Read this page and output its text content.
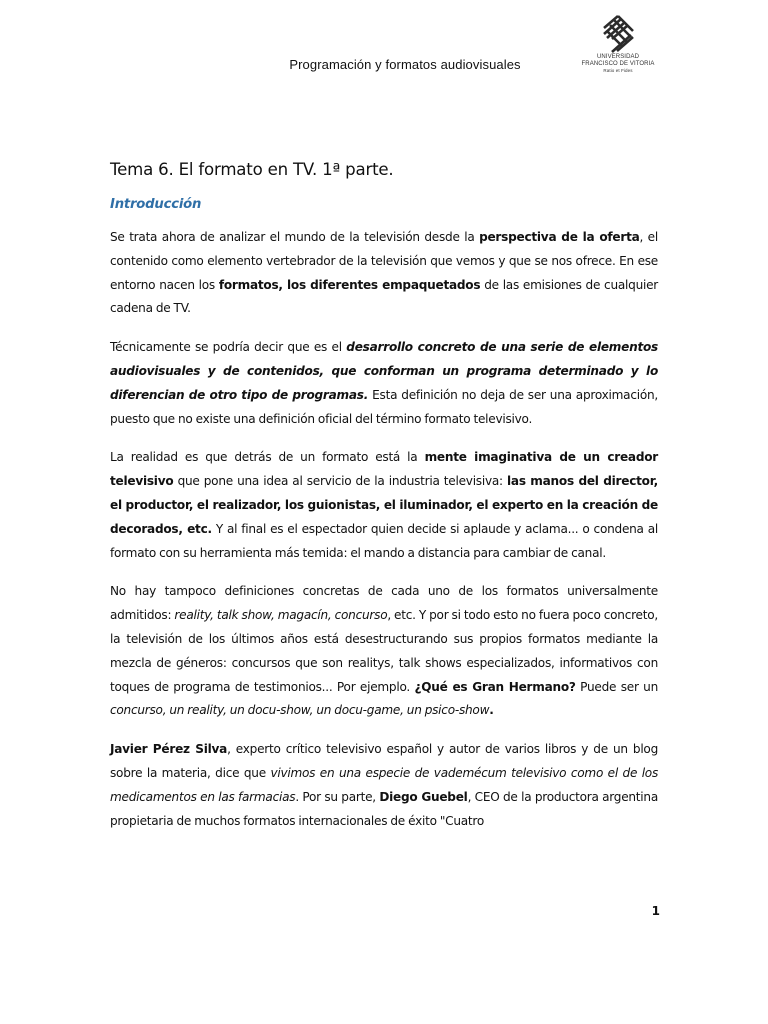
Programación y formatos audiovisuales	UNIVERSIDAD
FRANCISCO DE VITORIA
Ratio et Fides
Tema 6. El formato en TV. 1ª parte.
Introducción

Se trata ahora de analizar el mundo de la televisión desde la perspectiva de la oferta, el contenido como elemento vertebrador de la televisión que vemos y que se nos ofrece. En ese entorno nacen los formatos, los diferentes empaquetados de las emisiones de cualquier cadena de TV.

Técnicamente se podría decir que es el desarrollo concreto de una serie de elementos audiovisuales y de contenidos, que conforman un programa determinado y lo diferencian de otro tipo de programas. Esta definición no deja de ser una aproximación, puesto que no existe una definición oficial del término formato televisivo.

La realidad es que detrás de un formato está la mente imaginativa de un creador televisivo que pone una idea al servicio de la industria televisiva: las manos del director, el productor, el realizador, los guionistas, el iluminador, el experto en la creación de decorados, etc. Y al final es el espectador quien decide si aplaude y aclama... o condena al formato con su herramienta más temida: el mando a distancia para cambiar de canal.

No hay tampoco definiciones concretas de cada uno de los formatos universalmente admitidos: reality, talk show, magacín, concurso, etc. Y por si todo esto no fuera poco concreto, la televisión de los últimos años está desestructurando sus propios formatos mediante la mezcla de géneros: concursos que son realitys, talk shows especializados, informativos con toques de programa de testimonios... Por ejemplo. ¿Qué es Gran Hermano? Puede ser un concurso, un reality, un docu-show, un docu-game, un psico-show.

Javier Pérez Silva, experto crítico televisivo español y autor de varios libros y de un blog sobre la materia, dice que vivimos en una especie de vademécum televisivo como el de los medicamentos en las farmacias. Por su parte, Diego Guebel, CEO de la productora argentina propietaria de muchos formatos internacionales de éxito "Cuatro

1
